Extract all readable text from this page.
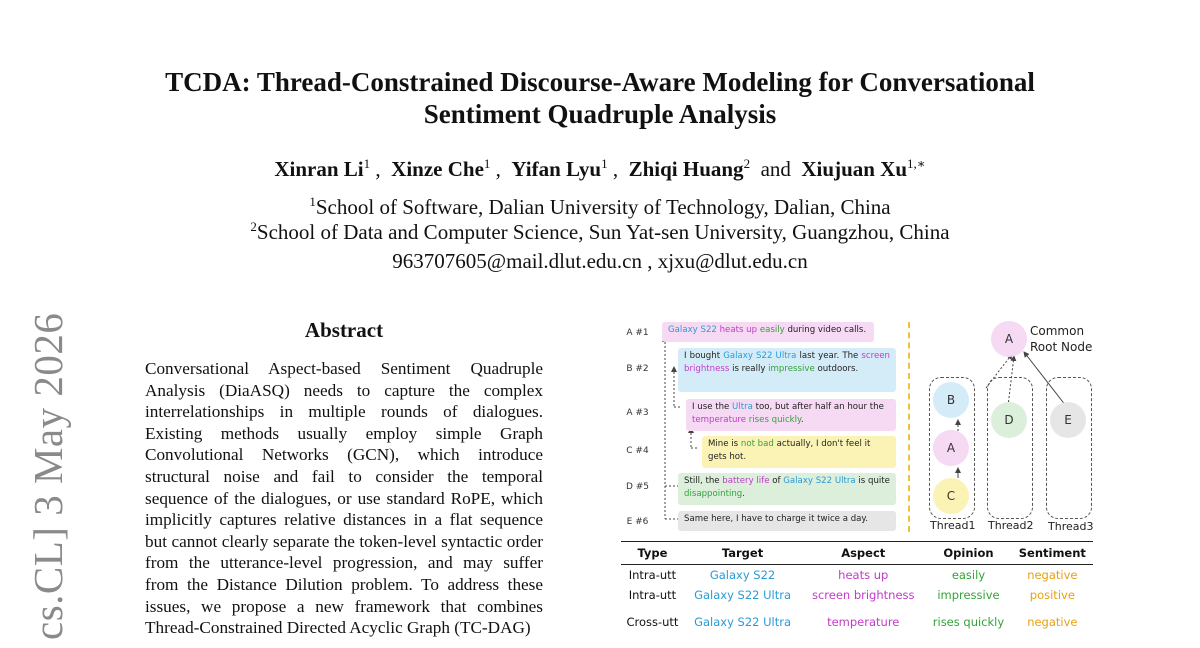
cs.CL] 3 May 2026
TCDA: Thread-Constrained Discourse-Aware Modeling for Conversational
Sentiment Quadruple Analysis
Xinran Li$^1$ ,  Xinze Che$^1$ ,  Yifan Lyu$^1$ ,  Zhiqi Huang$^2$ and Xiujuan $Xu^{1,∗}$
$^1$School of Software, Dalian University of Technology, Dalian, China
$^2$School of Data and Computer Science, Sun Yat-sen University, Guangzhou, China
963707605@mail.dlut.edu.cn , xjxu@dlut.edu.cn
Abstract
Conversational Aspect-based Sentiment Quadruple Analysis (DiaASQ) needs to capture the complex interrelationships in multiple rounds of dialogues. Existing methods usually employ simple Graph Convolutional Networks (GCN), which introduce structural noise and fail to consider the temporal sequence of the dialogues, or use standard RoPE, which implicitly captures relative distances in a flat sequence but cannot clearly separate the token-level syntactic order from the utterance-level progression, and may suffer from the Distance Dilution problem. To address these issues, we propose a new framework that combines Thread-Constrained Directed Acyclic Graph (TC-DAG)
A #1
B #2
A #3
C #4
D #5
E #6
Galaxy S22 heats up easily during video calls.
I bought Galaxy S22 Ultra last year. The screen brightness is really impressive outdoors.
I use the Ultra too, but after half an hour the temperature rises quickly.
Mine is not bad actually, I don't feel it gets hot.
Still, the battery life of Galaxy S22 Ultra is quite disappointing.
Same here, I have to charge it twice a day.
A
B
A
C
D	E
Common
Root Node
Thread1 Thread2 Thread3
Type	Target	Aspect	Opinion	Sentiment
Intra-utt	Galaxy S22	heats up	easily	negative
Intra-utt	Galaxy S22 Ultra	screen brightness	impressive	positive
Cross-utt	Galaxy S22 Ultra	temperature	rises quickly	negative
